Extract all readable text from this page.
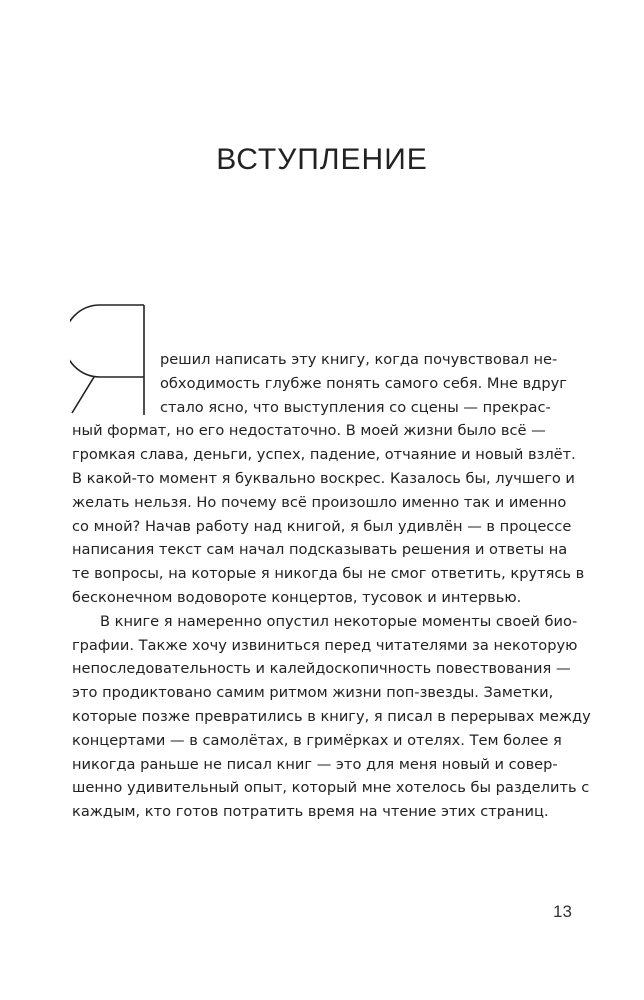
ВСТУПЛЕНИЕ
решил написать эту книгу, когда почувствовал не-
обходимость глубже понять самого себя. Мне вдруг
стало ясно, что выступления со сцены — прекрас-
ный формат, но его недостаточно. В моей жизни было всё —
громкая слава, деньги, успех, падение, отчаяние и новый взлёт.
В какой-то момент я буквально воскрес. Казалось бы, лучшего и
желать нельзя. Но почему всё произошло именно так и именно
со мной? Начав работу над книгой, я был удивлён — в процессе
написания текст сам начал подсказывать решения и ответы на
те вопросы, на которые я никогда бы не смог ответить, крутясь в
бесконечном водовороте концертов, тусовок и интервью.
В книге я намеренно опустил некоторые моменты своей био-
графии. Также хочу извиниться перед читателями за некоторую
непоследовательность и калейдоскопичность повествования —
это продиктовано самим ритмом жизни поп-звезды. Заметки,
которые позже превратились в книгу, я писал в перерывах между
концертами — в самолётах, в гримёрках и отелях. Тем более я
никогда раньше не писал книг — это для меня новый и совер-
шенно удивительный опыт, который мне хотелось бы разделить с
каждым, кто готов потратить время на чтение этих страниц.
13
